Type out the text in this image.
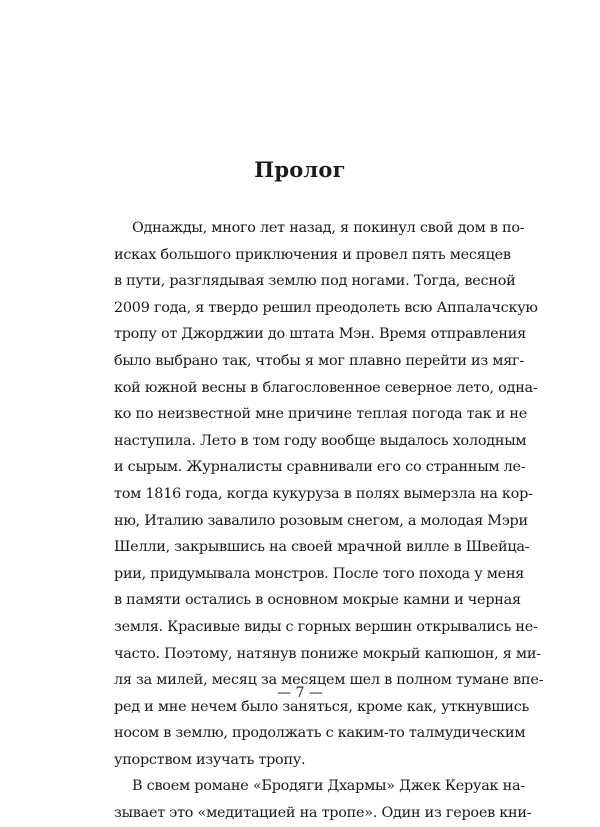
Пролог
Однажды, много лет назад, я покинул свой дом в по-
исках большого приключения и провел пять месяцев
в пути, разглядывая землю под ногами. Тогда, весной
2009 года, я твердо решил преодолеть всю Аппалачскую
тропу от Джорджии до штата Мэн. Время отправления
было выбрано так, чтобы я мог плавно перейти из мяг-
кой южной весны в благословенное северное лето, одна-
ко по неизвестной мне причине теплая погода так и не
наступила. Лето в том году вообще выдалось холодным
и сырым. Журналисты сравнивали его со странным ле-
том 1816 года, когда кукуруза в полях вымерзла на кор-
ню, Италию завалило розовым снегом, а молодая Мэри
Шелли, закрывшись на своей мрачной вилле в Швейца-
рии, придумывала монстров. После того похода у меня
в памяти остались в основном мокрые камни и черная
земля. Красивые виды с горных вершин открывались не-
часто. Поэтому, натянув пониже мокрый капюшон, я ми-
ля за милей, месяц за месяцем шел в полном тумане впе-
ред и мне нечем было заняться, кроме как, уткнувшись
носом в землю, продолжать с каким-то талмудическим
упорством изучать тропу.
В своем романе «Бродяги Дхармы» Джек Керуак на-
зывает это «медитацией на тропе». Один из героев кни-
— 7 —
